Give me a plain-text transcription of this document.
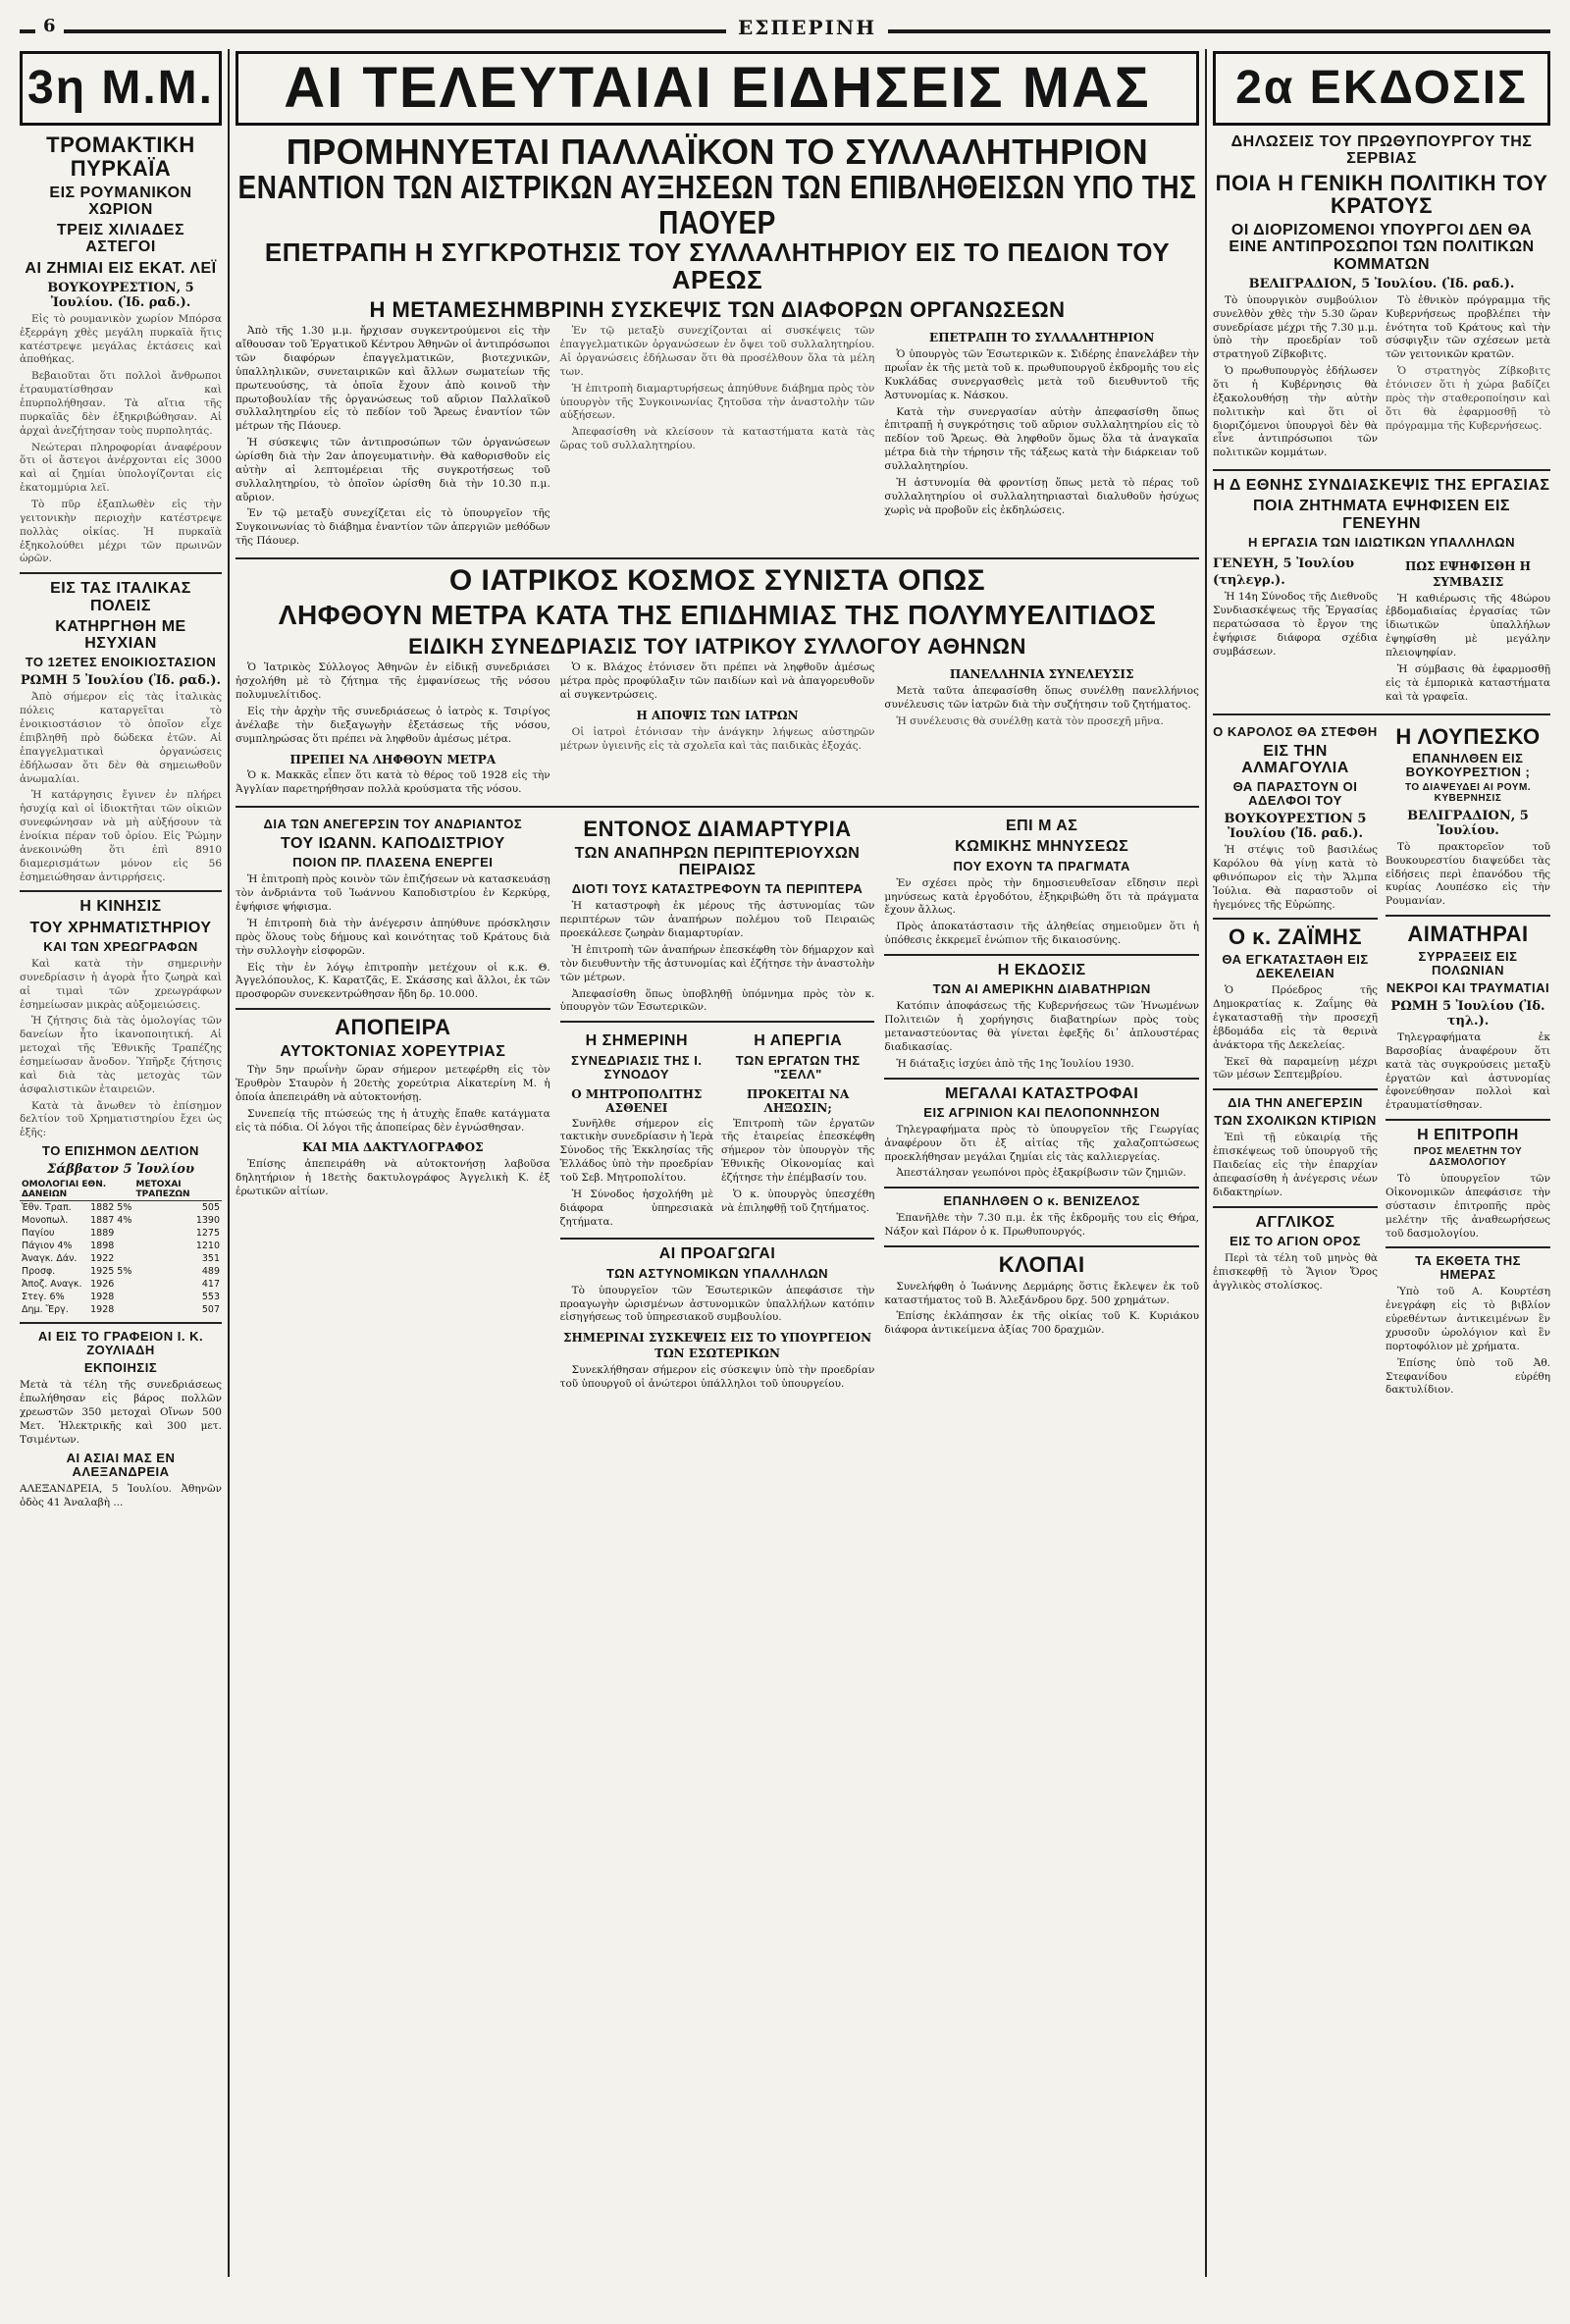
6	ΕΣΠΕΡΙΝΗ
3η Μ.Μ.
ΤΡΟΜΑΚΤΙΚΗ ΠΥΡΚΑΪΑ
ΕΙΣ ΡΟΥΜΑΝΙΚΟΝ ΧΩΡΙΟΝ
ΤΡΕΙΣ ΧΙΛΙΑΔΕΣ ΑΣΤΕΓΟΙ
ΑΙ ΖΗΜΙΑΙ ΕΙΣ ΕΚΑΤ. ΛΕΪ
ΒΟΥΚΟΥΡΕΣΤΙΟΝ, 5 Ἰουλίου. (Ἰδ. ραδ.).

Εἰς τὸ ρουμανικὸν χωρίον Μπόρσα ἐξερράγη χθὲς μεγάλη πυρκαϊὰ ἥτις κατέστρεψε μεγάλας ἐκτάσεις καὶ ἀποθήκας.

Βεβαιοῦται ὅτι πολλοὶ ἄνθρωποι ἐτραυματίσθησαν καὶ ἐπυρπολήθησαν. Τὰ αἴτια τῆς πυρκαϊᾶς δὲν ἐξηκριβώθησαν. Αἱ ἀρχαὶ ἀνεζήτησαν τοὺς πυρπολητάς.

Νεώτεραι πληροφορίαι ἀναφέρουν ὅτι οἱ ἄστεγοι ἀνέρχονται εἰς 3000 καὶ αἱ ζημίαι ὑπολογίζονται εἰς ἑκατομμύρια λεϊ.

Τὸ πῦρ ἐξαπλωθὲν εἰς τὴν γειτονικὴν περιοχὴν κατέστρεψε πολλὰς οἰκίας. Ἡ πυρκαϊὰ ἐξηκολούθει μέχρι τῶν πρωινῶν ὡρῶν.

ΕΙΣ ΤΑΣ ΙΤΑΛΙΚΑΣ ΠΟΛΕΙΣ
ΚΑΤΗΡΓΗΘΗ ΜΕ ΗΣΥΧΙΑΝ
ΤΟ 12ΕΤΕΣ ΕΝΟΙΚΙΟΣΤΑΣΙΟΝ
ΡΩΜΗ 5 Ἰουλίου (Ἰδ. ραδ.).

Ἀπὸ σήμερον εἰς τὰς ἰταλικὰς πόλεις καταργεῖται τὸ ἐνοικιοστάσιον τὸ ὁποῖον εἶχε ἐπιβληθῆ πρὸ δώδεκα ἐτῶν. Αἱ ἐπαγγελματικαὶ ὀργανώσεις ἐδήλωσαν ὅτι δὲν θὰ σημειωθοῦν ἀνωμαλίαι.

Ἡ κατάργησις ἔγινεν ἐν πλήρει ἡσυχίᾳ καὶ οἱ ἰδιοκτῆται τῶν οἰκιῶν συνεφώνησαν νὰ μὴ αὐξήσουν τὰ ἐνοίκια πέραν τοῦ ὁρίου. Εἰς Ῥώμην ἀνεκοινώθη ὅτι ἐπὶ 8910 διαμερισμάτων μόνον εἰς 56 ἐσημειώθησαν ἀντιρρήσεις.

Η ΚΙΝΗΣΙΣ
ΤΟΥ ΧΡΗΜΑΤΙΣΤΗΡΙΟΥ
ΚΑΙ ΤΩΝ ΧΡΕΩΓΡΑΦΩΝ

Καὶ κατὰ τὴν σημερινὴν συνεδρίασιν ἡ ἀγορὰ ἦτο ζωηρὰ καὶ αἱ τιμαὶ τῶν χρεωγράφων ἐσημείωσαν μικρὰς αὐξομειώσεις.

Ἡ ζήτησις διὰ τὰς ὁμολογίας τῶν δανείων ἦτο ἱκανοποιητική. Αἱ μετοχαὶ τῆς Ἐθνικῆς Τραπέζης ἐσημείωσαν ἄνοδον. Ὑπῆρξε ζήτησις καὶ διὰ τὰς μετοχὰς τῶν ἀσφαλιστικῶν ἑταιρειῶν.

Κατὰ τὰ ἄνωθεν τὸ ἐπίσημον δελτίον τοῦ Χρηματιστηρίου ἔχει ὡς ἑξῆς:

ΤΟ ΕΠΙΣΗΜΟΝ ΔΕΛΤΙΟΝ
Σάββατον 5 Ἰουλίου
ΟΜΟΛΟΓΙΑΙ ΕΘΝ. ΔΑΝΕΙΩΝ		ΜΕΤΟΧΑΙ ΤΡΑΠΕΖΩΝ
Ἐθν. Τραπ.	1882 5%	505
Μονοπωλ.	1887 4%	1390
Παγίου	1889	1275
Πάγιον 4%	1898	1210
Ἀναγκ. Δάν.	1922	351
Προσφ.	1925 5%	489
Ἀποζ. Αναγκ.	1926	417
Στεγ. 6%	1928	553
Δημ. Ἔργ.	1928	507
ΑΙ ΕΙΣ ΤΟ ΓΡΑΦΕΙΟΝ Ι. Κ. ΖΟΥΛΙΑΔΗ
ΕΚΠΟΙΗΣΙΣ
Μετὰ τὰ τέλη τῆς συνεδριάσεως ἐπωλήθησαν εἰς βάρος πολλῶν χρεωστῶν 350 μετοχαὶ Οἴνων 500 Μετ. Ἠλεκτρικῆς καὶ 300 μετ. Τσιμέντων.
ΑΙ ΑΣΙΑΙ ΜΑΣ ΕΝ ΑΛΕΞΑΝΔΡΕΙΑ
ΑΛΕΞΑΝΔΡΕΙΑ, 5 Ἰουλίου. Ἀθηνῶν ὁδὸς 41 Ἀναλαβὴ ...
ΑΙ ΤΕΛΕΥΤΑΙΑΙ ΕΙΔΗΣΕΙΣ ΜΑΣ
ΠΡΟΜΗΝΥΕΤΑΙ ΠΑΛΛΑΪΚΟΝ ΤΟ ΣΥΛΛΑΛΗΤΗΡΙΟΝ
ΕΝΑΝΤΙΟΝ ΤΩΝ ΑΙΣΤΡΙΚΩΝ ΑΥΞΗΣΕΩΝ ΤΩΝ ΕΠΙΒΛΗΘΕΙΣΩΝ ΥΠΟ ΤΗΣ ΠΑΟΥΕΡ
ΕΠΕΤΡΑΠΗ Η ΣΥΓΚΡΟΤΗΣΙΣ ΤΟΥ ΣΥΛΛΑΛΗΤΗΡΙΟΥ ΕΙΣ ΤΟ ΠΕΔΙΟΝ ΤΟΥ ΑΡΕΩΣ
Η ΜΕΤΑΜΕΣΗΜΒΡΙΝΗ ΣΥΣΚΕΨΙΣ ΤΩΝ ΔΙΑΦΟΡΩΝ ΟΡΓΑΝΩΣΕΩΝ

Ἀπὸ τῆς 1.30 μ.μ. ἤρχισαν συγκεντρούμενοι εἰς τὴν αἴθουσαν τοῦ Ἐργατικοῦ Κέντρου Ἀθηνῶν οἱ ἀντιπρόσωποι τῶν διαφόρων ἐπαγγελματικῶν, βιοτεχνικῶν, ὑπαλληλικῶν, συνεταιρικῶν καὶ ἄλλων σωματείων τῆς πρωτευούσης, τὰ ὁποῖα ἔχουν ἀπὸ κοινοῦ τὴν πρωτοβουλίαν τῆς ὀργανώσεως τοῦ αὔριον Παλλαϊκοῦ συλλαλητηρίου εἰς τὸ πεδίον τοῦ Ἄρεως ἐναντίον τῶν μέτρων τῆς Πάουερ.

Ἡ σύσκεψις τῶν ἀντιπροσώπων τῶν ὀργανώσεων ὡρίσθη διὰ τὴν 2αν ἀπογευματινὴν. Θὰ καθορισθοῦν εἰς αὐτὴν αἱ λεπτομέρειαι τῆς συγκροτήσεως τοῦ συλλαλητηρίου, τὸ ὁποῖον ὡρίσθη διὰ τὴν 10.30 π.μ. αὔριον.

Ἐν τῷ μεταξὺ συνεχίζεται εἰς τὸ ὑπουργεῖον τῆς Συγκοινωνίας τὸ διάβημα ἐναντίον τῶν ἀπεργιῶν μεθόδων τῆς Πάουερ.

Ἐν τῷ μεταξὺ συνεχίζονται αἱ συσκέψεις τῶν ἐπαγγελματικῶν ὀργανώσεων ἐν ὄψει τοῦ συλλαλητηρίου. Αἱ ὀργανώσεις ἐδήλωσαν ὅτι θὰ προσέλθουν ὅλα τὰ μέλη των.

Ἡ ἐπιτροπὴ διαμαρτυρήσεως ἀπηύθυνε διάβημα πρὸς τὸν ὑπουργὸν τῆς Συγκοινωνίας ζητοῦσα τὴν ἀναστολὴν τῶν αὐξήσεων.

Ἀπεφασίσθη νὰ κλείσουν τὰ καταστήματα κατὰ τὰς ὥρας τοῦ συλλαλητηρίου.

ΕΠΕΤΡΑΠΗ ΤΟ ΣΥΛΛΑΛΗΤΗΡΙΟΝ

Ὁ ὑπουργὸς τῶν Ἐσωτερικῶν κ. Σιδέρης ἐπανελάβεν τὴν πρωΐαν ἐκ τῆς μετὰ τοῦ κ. πρωθυπουργοῦ ἐκδρομῆς του εἰς Κυκλάδας συνεργασθεὶς μετὰ τοῦ διευθυντοῦ τῆς Ἀστυνομίας κ. Νάσκου.

Κατὰ τὴν συνεργασίαν αὐτὴν ἀπεφασίσθη ὅπως ἐπιτραπῇ ἡ συγκρότησις τοῦ αὔριον συλλαλητηρίου εἰς τὸ πεδίον τοῦ Ἄρεως. Θὰ ληφθοῦν ὅμως ὅλα τὰ ἀναγκαῖα μέτρα διὰ τὴν τήρησιν τῆς τάξεως κατὰ τὴν διάρκειαν τοῦ συλλαλητηρίου.

Ἡ ἀστυνομία θὰ φροντίσῃ ὅπως μετὰ τὸ πέρας τοῦ συλλαλητηρίου οἱ συλλαλητηριασταὶ διαλυθοῦν ἡσύχως χωρὶς νὰ προβοῦν εἰς ἐκδηλώσεις.

Ο ΙΑΤΡΙΚΟΣ ΚΟΣΜΟΣ ΣΥΝΙΣΤΑ ΟΠΩΣ
ΛΗΦΘΟΥΝ ΜΕΤΡΑ ΚΑΤΑ ΤΗΣ ΕΠΙΔΗΜΙΑΣ ΤΗΣ ΠΟΛΥΜΥΕΛΙΤΙΔΟΣ
ΕΙΔΙΚΗ ΣΥΝΕΔΡΙΑΣΙΣ ΤΟΥ ΙΑΤΡΙΚΟΥ ΣΥΛΛΟΓΟΥ ΑΘΗΝΩΝ

Ὁ Ἰατρικὸς Σύλλογος Ἀθηνῶν ἐν εἰδικῇ συνεδριάσει ἠσχολήθη μὲ τὸ ζήτημα τῆς ἐμφανίσεως τῆς νόσου πολυμυελίτιδος.

Εἰς τὴν ἀρχὴν τῆς συνεδριάσεως ὁ ἰατρὸς κ. Τσιρίγος ἀνέλαβε τὴν διεξαγωγὴν ἐξετάσεως τῆς νόσου, συμπληρώσας ὅτι πρέπει νὰ ληφθοῦν ἀμέσως μέτρα.

ΠΡΕΠΕΙ ΝΑ ΛΗΦΘΟΥΝ ΜΕΤΡΑ

Ὁ κ. Μακκᾶς εἶπεν ὅτι κατὰ τὸ θέρος τοῦ 1928 εἰς τὴν Ἀγγλίαν παρετηρήθησαν πολλὰ κρούσματα τῆς νόσου.

Ὁ κ. Βλάχος ἐτόνισεν ὅτι πρέπει νὰ ληφθοῦν ἀμέσως μέτρα πρὸς προφύλαξιν τῶν παιδίων καὶ νὰ ἀπαγορευθοῦν αἱ συγκεντρώσεις.

Η ΑΠΟΨΙΣ ΤΩΝ ΙΑΤΡΩΝ

Οἱ ἰατροὶ ἐτόνισαν τὴν ἀνάγκην λήψεως αὐστηρῶν μέτρων ὑγιεινῆς εἰς τὰ σχολεῖα καὶ τὰς παιδικὰς ἐξοχάς.

ΠΑΝΕΛΛΗΝΙΑ ΣΥΝΕΛΕΥΣΙΣ

Μετὰ ταῦτα ἀπεφασίσθη ὅπως συνέλθῃ πανελλήνιος συνέλευσις τῶν ἰατρῶν διὰ τὴν συζήτησιν τοῦ ζητήματος.

Ἡ συνέλευσις θὰ συνέλθῃ κατὰ τὸν προσεχῆ μῆνα.

ΔΙΑ ΤΩΝ ΑΝΕΓΕΡΣΙΝ ΤΟΥ ΑΝΔΡΙΑΝΤΟΣ
ΤΟΥ ΙΩΑΝΝ. ΚΑΠΟΔΙΣΤΡΙΟΥ
ΠΟΙΟΝ ΠΡ. ΠΛΑΣΕΝΑ ΕΝΕΡΓΕΙ

Ἡ ἐπιτροπὴ πρὸς κοινὸν τῶν ἐπιζήσεων νὰ κατασκευάσῃ τὸν ἀνδριάντα τοῦ Ἰωάννου Καποδιστρίου ἐν Κερκύρᾳ, ἐψήφισε ψήφισμα.

Ἡ ἐπιτροπὴ διὰ τὴν ἀνέγερσιν ἀπηύθυνε πρόσκλησιν πρὸς ὅλους τοὺς δήμους καὶ κοινότητας τοῦ Κράτους διὰ τὴν συλλογὴν εἰσφορῶν.

Εἰς τὴν ἐν λόγῳ ἐπιτροπὴν μετέχουν οἱ κ.κ. Θ. Ἀγγελόπουλος, Κ. Καρατζᾶς, Ε. Σκάσσης καὶ ἄλλοι, ἐκ τῶν προσφορῶν συνεκεντρώθησαν ἤδη δρ. 10.000.

ΑΠΟΠΕΙΡΑ
ΑΥΤΟΚΤΟΝΙΑΣ ΧΟΡΕΥΤΡΙΑΣ

Τὴν 5ην πρωΐνὴν ὥραν σήμερον μετεφέρθη εἰς τὸν Ἐρυθρὸν Σταυρὸν ἡ 20ετὴς χορεύτρια Αἰκατερίνη Μ. ἡ ὁποία ἀπεπειράθη νὰ αὐτοκτονήσῃ.

Συνεπείᾳ τῆς πτώσεώς της ἡ ἀτυχὴς ἔπαθε κατάγματα εἰς τὰ πόδια. Οἱ λόγοι τῆς ἀποπείρας δὲν ἐγνώσθησαν.

ΚΑΙ ΜΙΑ ΔΑΚΤΥΛΟΓΡΑΦΟΣ

Ἐπίσης ἀπεπειράθη νὰ αὐτοκτονήσῃ λαβοῦσα δηλητήριον ἡ 18ετὴς δακτυλογράφος Ἀγγελικὴ Κ. ἐξ ἐρωτικῶν αἰτίων.

ΕΝΤΟΝΟΣ ΔΙΑΜΑΡΤΥΡΙΑ
ΤΩΝ ΑΝΑΠΗΡΩΝ ΠΕΡΙΠΤΕΡΙΟΥΧΩΝ ΠΕΙΡΑΙΩΣ
ΔΙΟΤΙ ΤΟΥΣ ΚΑΤΑΣΤΡΕΦΟΥΝ ΤΑ ΠΕΡΙΠΤΕΡΑ

Ἡ καταστροφὴ ἐκ μέρους τῆς ἀστυνομίας τῶν περιπτέρων τῶν ἀναπήρων πολέμου τοῦ Πειραιῶς προεκάλεσε ζωηρὰν διαμαρτυρίαν.

Ἡ ἐπιτροπὴ τῶν ἀναπήρων ἐπεσκέφθη τὸν δήμαρχον καὶ τὸν διευθυντὴν τῆς ἀστυνομίας καὶ ἐζήτησε τὴν ἀναστολὴν τῶν μέτρων.

Ἀπεφασίσθη ὅπως ὑποβληθῇ ὑπόμνημα πρὸς τὸν κ. ὑπουργὸν τῶν Ἐσωτερικῶν.

Η ΣΗΜΕΡΙΝΗ
ΣΥΝΕΔΡΙΑΣΙΣ ΤΗΣ Ι. ΣΥΝΟΔΟΥ
Ο ΜΗΤΡΟΠΟΛΙΤΗΣ ΑΣΘΕΝΕΙ

Συνῆλθε σήμερον εἰς τακτικὴν συνεδρίασιν ἡ Ἱερὰ Σύνοδος τῆς Ἐκκλησίας τῆς Ἑλλάδος ὑπὸ τὴν προεδρίαν τοῦ Σεβ. Μητροπολίτου.

Ἡ Σύνοδος ἠσχολήθη μὲ διάφορα ὑπηρεσιακὰ ζητήματα.

Η ΑΠΕΡΓΙΑ
ΤΩΝ ΕΡΓΑΤΩΝ ΤΗΣ "ΣΕΛΛ"
ΠΡΟΚΕΙΤΑΙ ΝΑ ΛΗΞΩΣΙΝ;

Ἐπιτροπὴ τῶν ἐργατῶν τῆς ἑταιρείας ἐπεσκέφθη σήμερον τὸν ὑπουργὸν τῆς Ἐθνικῆς Οἰκονομίας καὶ ἐζήτησε τὴν ἐπέμβασίν του.

Ὁ κ. ὑπουργὸς ὑπεσχέθη νὰ ἐπιληφθῇ τοῦ ζητήματος.

ΑΙ ΠΡΟΑΓΩΓΑΙ
ΤΩΝ ΑΣΤΥΝΟΜΙΚΩΝ ΥΠΑΛΛΗΛΩΝ

Τὸ ὑπουργεῖον τῶν Ἐσωτερικῶν ἀπεφάσισε τὴν προαγωγὴν ὡρισμένων ἀστυνομικῶν ὑπαλλήλων κατόπιν εἰσηγήσεως τοῦ ὑπηρεσιακοῦ συμβουλίου.

ΣΗΜΕΡΙΝΑΙ ΣΥΣΚΕΨΕΙΣ ΕΙΣ ΤΟ ΥΠΟΥΡΓΕΙΟΝ ΤΩΝ ΕΣΩΤΕΡΙΚΩΝ

Συνεκλήθησαν σήμερον εἰς σύσκεψιν ὑπὸ τὴν προεδρίαν τοῦ ὑπουργοῦ οἱ ἀνώτεροι ὑπάλληλοι τοῦ ὑπουργείου.

ΕΠΙ Μ ΑΣ
ΚΩΜΙΚΗΣ ΜΗΝΥΣΕΩΣ
ΠΟΥ ΕΧΟΥΝ ΤΑ ΠΡΑΓΜΑΤΑ

Ἐν σχέσει πρὸς τὴν δημοσιευθεῖσαν εἴδησιν περὶ μηνύσεως κατὰ ἐργοδότου, ἐξηκριβώθη ὅτι τὰ πράγματα ἔχουν ἄλλως.

Πρὸς ἀποκατάστασιν τῆς ἀληθείας σημειοῦμεν ὅτι ἡ ὑπόθεσις ἐκκρεμεῖ ἐνώπιον τῆς δικαιοσύνης.

Η ΕΚΔΟΣΙΣ
ΤΩΝ ΑΙ ΑΜΕΡΙΚΗΝ ΔΙΑΒΑΤΗΡΙΩΝ

Κατόπιν ἀποφάσεως τῆς Κυβερνήσεως τῶν Ἡνωμένων Πολιτειῶν ἡ χορήγησις διαβατηρίων πρὸς τοὺς μεταναστεύοντας θὰ γίνεται ἐφεξῆς δι᾿ ἁπλουστέρας διαδικασίας.

Ἡ διάταξις ἰσχύει ἀπὸ τῆς 1ης Ἰουλίου 1930.

ΜΕΓΑΛΑΙ ΚΑΤΑΣΤΡΟΦΑΙ
ΕΙΣ ΑΓΡΙΝΙΟΝ ΚΑΙ ΠΕΛΟΠΟΝΝΗΣΟΝ

Τηλεγραφήματα πρὸς τὸ ὑπουργεῖον τῆς Γεωργίας ἀναφέρουν ὅτι ἐξ αἰτίας τῆς χαλαζοπτώσεως προεκλήθησαν μεγάλαι ζημίαι εἰς τὰς καλλιεργείας.

Ἀπεστάλησαν γεωπόνοι πρὸς ἐξακρίβωσιν τῶν ζημιῶν.

ΕΠΑΝΗΛΘΕΝ Ο κ. ΒΕΝΙΖΕΛΟΣ

Ἐπανῆλθε τὴν 7.30 π.μ. ἐκ τῆς ἐκδρομῆς του εἰς Θήρα, Νάξον καὶ Πάρον ὁ κ. Πρωθυπουργός.

ΚΛΟΠΑΙ

Συνελήφθη ὁ Ἰωάννης Δερμάρης ὅστις ἔκλεψεν ἐκ τοῦ καταστήματος τοῦ Β. Ἀλεξάνδρου δρχ. 500 χρημάτων.

Ἐπίσης ἐκλάπησαν ἐκ τῆς οἰκίας τοῦ Κ. Κυριάκου διάφορα ἀντικείμενα ἀξίας 700 δραχμῶν.

2α ΕΚΔΟΣΙΣ
ΔΗΛΩΣΕΙΣ ΤΟΥ ΠΡΩΘΥΠΟΥΡΓΟΥ ΤΗΣ ΣΕΡΒΙΑΣ
ΠΟΙΑ Η ΓΕΝΙΚΗ ΠΟΛΙΤΙΚΗ ΤΟΥ ΚΡΑΤΟΥΣ
ΟΙ ΔΙΟΡΙΖΟΜΕΝΟΙ ΥΠΟΥΡΓΟΙ ΔΕΝ ΘΑ ΕΙΝΕ ΑΝΤΙΠΡΟΣΩΠΟΙ ΤΩΝ ΠΟΛΙΤΙΚΩΝ ΚΟΜΜΑΤΩΝ
ΒΕΛΙΓΡΑΔΙΟΝ, 5 Ἰουλίου. (Ἰδ. ραδ.).

Τὸ ὑπουργικὸν συμβούλιον συνελθὸν χθὲς τὴν 5.30 ὥραν συνεδρίασε μέχρι τῆς 7.30 μ.μ. ὑπὸ τὴν προεδρίαν τοῦ στρατηγοῦ Ζίβκοβιτς.

Ὁ πρωθυπουργὸς ἐδήλωσεν ὅτι ἡ Κυβέρνησις θὰ ἐξακολουθήσῃ τὴν αὐτὴν πολιτικὴν καὶ ὅτι οἱ διοριζόμενοι ὑπουργοὶ δὲν θὰ εἶνε ἀντιπρόσωποι τῶν πολιτικῶν κομμάτων.

Τὸ ἐθνικὸν πρόγραμμα τῆς Κυβερνήσεως προβλέπει τὴν ἑνότητα τοῦ Κράτους καὶ τὴν σύσφιγξιν τῶν σχέσεων μετὰ τῶν γειτονικῶν κρατῶν.

Ὁ στρατηγὸς Ζίβκοβιτς ἐτόνισεν ὅτι ἡ χώρα βαδίζει πρὸς τὴν σταθεροποίησιν καὶ ὅτι θὰ ἐφαρμοσθῇ τὸ πρόγραμμα τῆς Κυβερνήσεως.

Η Δ ΕΘΝΗΣ ΣΥΝΔΙΑΣΚΕΨΙΣ ΤΗΣ ΕΡΓΑΣΙΑΣ
ΠΟΙΑ ΖΗΤΗΜΑΤΑ ΕΨΗΦΙΣΕΝ ΕΙΣ ΓΕΝΕΥΗΝ
Η ΕΡΓΑΣΙΑ ΤΩΝ ΙΔΙΩΤΙΚΩΝ ΥΠΑΛΛΗΛΩΝ
ΓΕΝΕΥΗ, 5 Ἰουλίου (τηλεγρ.).

Ἡ 14η Σύνοδος τῆς Διεθνοῦς Συνδιασκέψεως τῆς Ἐργασίας περατώσασα τὸ ἔργον της ἐψήφισε διάφορα σχέδια συμβάσεων.

ΠΩΣ ΕΨΗΦΙΣΘΗ Η ΣΥΜΒΑΣΙΣ

Ἡ καθιέρωσις τῆς 48ώρου ἑβδομαδιαίας ἐργασίας τῶν ἰδιωτικῶν ὑπαλλήλων ἐψηφίσθη μὲ μεγάλην πλειοψηφίαν.

Ἡ σύμβασις θὰ ἐφαρμοσθῇ εἰς τὰ ἐμπορικὰ καταστήματα καὶ τὰ γραφεῖα.

Ο ΚΑΡΟΛΟΣ ΘΑ ΣΤΕΦΘΗ
ΕΙΣ ΤΗΝ ΑΛΜΑΓΟΥΛΙΑ
ΘΑ ΠΑΡΑΣΤΟΥΝ ΟΙ ΑΔΕΛΦΟΙ ΤΟΥ
ΒΟΥΚΟΥΡΕΣΤΙΟΝ 5 Ἰουλίου (Ἰδ. ραδ.).

Ἡ στέψις τοῦ βασιλέως Καρόλου θὰ γίνῃ κατὰ τὸ φθινόπωρον εἰς τὴν Ἄλμπα Ἰούλια. Θὰ παραστοῦν οἱ ἡγεμόνες τῆς Εὐρώπης.

Ο κ. ΖΑΪΜΗΣ
ΘΑ ΕΓΚΑΤΑΣΤΑΘΗ ΕΙΣ ΔΕΚΕΛΕΙΑΝ

Ὁ Πρόεδρος τῆς Δημοκρατίας κ. Ζαΐμης θὰ ἐγκατασταθῇ τὴν προσεχῆ ἑβδομάδα εἰς τὰ θερινὰ ἀνάκτορα τῆς Δεκελείας.

Ἐκεῖ θὰ παραμείνῃ μέχρι τῶν μέσων Σεπτεμβρίου.

ΔΙΑ ΤΗΝ ΑΝΕΓΕΡΣΙΝ
ΤΩΝ ΣΧΟΛΙΚΩΝ ΚΤΙΡΙΩΝ

Ἐπὶ τῇ εὐκαιρίᾳ τῆς ἐπισκέψεως τοῦ ὑπουργοῦ τῆς Παιδείας εἰς τὴν ἐπαρχίαν ἀπεφασίσθη ἡ ἀνέγερσις νέων διδακτηρίων.

ΑΓΓΛΙΚΟΣ
ΕΙΣ ΤΟ ΑΓΙΟΝ ΟΡΟΣ

Περὶ τὰ τέλη τοῦ μηνὸς θὰ ἐπισκεφθῇ τὸ Ἅγιον Ὄρος ἀγγλικὸς στολίσκος.

Η ΛΟΥΠΕΣΚΟ
ΕΠΑΝΗΛΘΕΝ ΕΙΣ ΒΟΥΚΟΥΡΕΣΤΙΟΝ ;
ΤΟ ΔΙΑΨΕΥΔΕΙ ΑΙ ΡΟΥΜ. ΚΥΒΕΡΝΗΣΙΣ
ΒΕΛΙΓΡΑΔΙΟΝ, 5 Ἰουλίου.

Τὸ πρακτορεῖον τοῦ Βουκουρεστίου διαψεύδει τὰς εἰδήσεις περὶ ἐπανόδου τῆς κυρίας Λουπέσκο εἰς τὴν Ρουμανίαν.

ΑΙΜΑΤΗΡΑΙ
ΣΥΡΡΑΞΕΙΣ ΕΙΣ ΠΟΛΩΝΙΑΝ
ΝΕΚΡΟΙ ΚΑΙ ΤΡΑΥΜΑΤΙΑΙ
ΡΩΜΗ 5 Ἰουλίου (Ἰδ. τηλ.).

Τηλεγραφήματα ἐκ Βαρσοβίας ἀναφέρουν ὅτι κατὰ τὰς συγκρούσεις μεταξὺ ἐργατῶν καὶ ἀστυνομίας ἐφονεύθησαν πολλοὶ καὶ ἐτραυματίσθησαν.

Η ΕΠΙΤΡΟΠΗ
ΠΡΟΣ ΜΕΛΕΤΗΝ ΤΟΥ ΔΑΣΜΟΛΟΓΙΟΥ

Τὸ ὑπουργεῖον τῶν Οἰκονομικῶν ἀπεφάσισε τὴν σύστασιν ἐπιτροπῆς πρὸς μελέτην τῆς ἀναθεωρήσεως τοῦ δασμολογίου.

ΤΑ ΕΚΘΕΤΑ ΤΗΣ ΗΜΕΡΑΣ

Ὑπὸ τοῦ Α. Κουρτέση ἐνεγράφη εἰς τὸ βιβλίον εὑρεθέντων ἀντικειμένων ἓν χρυσοῦν ὡρολόγιον καὶ ἓν πορτοφόλιον μὲ χρήματα.

Ἐπίσης ὑπὸ τοῦ Ἀθ. Στεφανίδου εὑρέθη δακτυλίδιον.
